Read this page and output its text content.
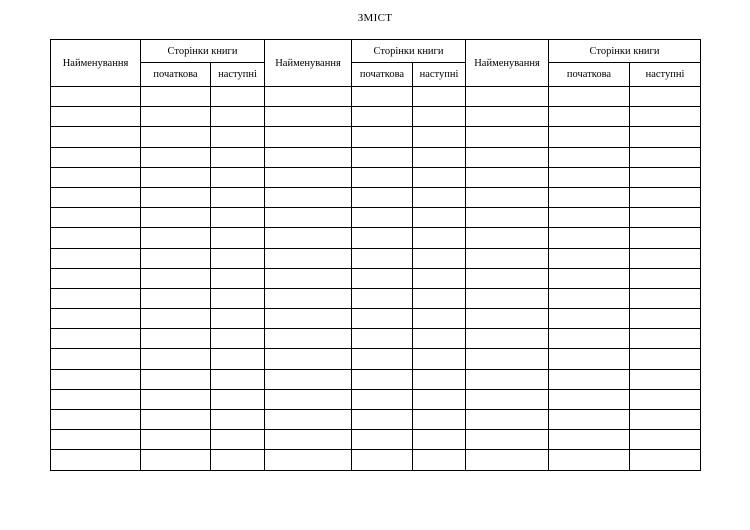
ЗМІСТ
Найменування	Сторінки книги		Найменування	Сторінки книги		Найменування	Сторінки книги	
	початкова	наступні		початкова	наступні		початкова	наступні
